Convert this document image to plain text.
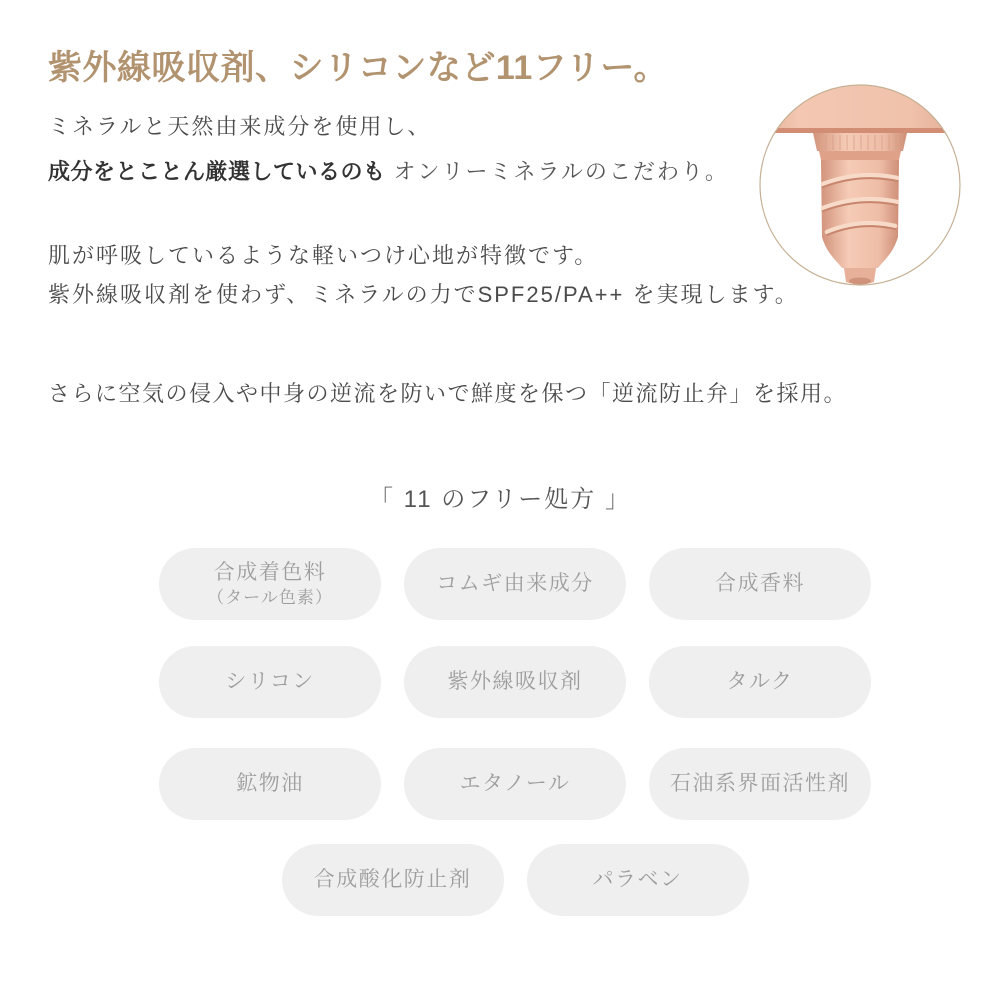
紫外線吸収剤、シリコンなど11フリー。

ミネラルと天然由来成分を使用し、
成分をとことん厳選しているのも オンリーミネラルのこだわり。

肌が呼吸しているような軽いつけ心地が特徴です。
紫外線吸収剤を使わず、ミネラルの力でSPF25/PA++ を実現します。

さらに空気の侵入や中身の逆流を防いで鮮度を保つ「逆流防止弁」を採用。

「 11 のフリー処方 」
合成着色料
（タール色素）
コムギ由来成分	合成香料
シリコン	紫外線吸収剤	タルク
鉱物油	エタノール	石油系界面活性剤
合成酸化防止剤	パラベン
